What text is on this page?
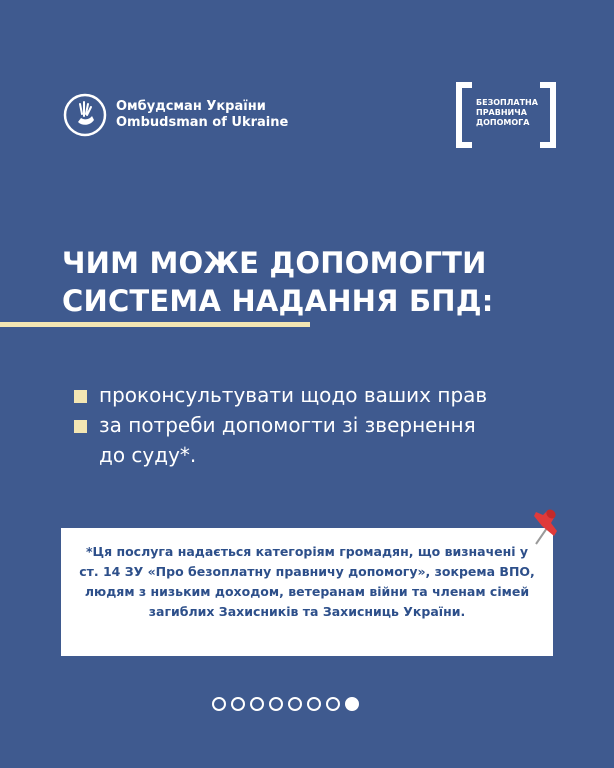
Омбудсман України
Ombudsman of Ukraine
БЕЗОПЛАТНА
ПРАВНИЧА
ДОПОМОГА
ЧИМ МОЖЕ ДОПОМОГТИ
СИСТЕМА НАДАННЯ БПД:
проконсультувати щодо ваших прав
за потреби допомогти зі звернення
до суду*.
*Ця послуга надається категоріям громадян, що визначені у ст. 14 ЗУ «Про безоплатну правничу допомогу», зокрема ВПО, людям з низьким доходом, ветеранам війни та членам сімей загиблих Захисників та Захисниць України.
